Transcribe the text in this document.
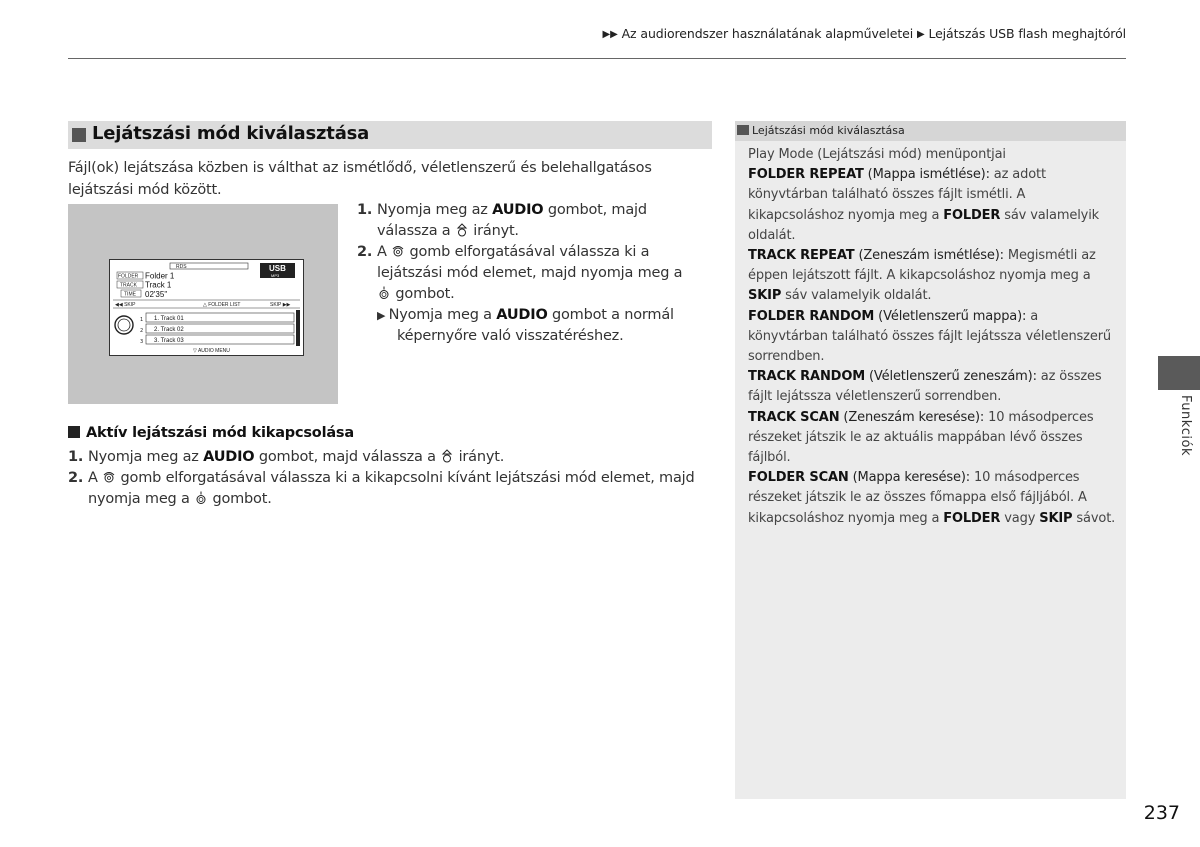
▶▶ Az audiorendszer használatának alapműveletei ▶ Lejátszás USB flash meghajtóról
Lejátszási mód kiválasztása
Fájl(ok) lejátszása közben is válthat az ismétlődő, véletlenszerű és belehallgatásos lejátszási mód között.
RDS	USB
MP3
FOLDER Folder 1
TRACK Track 1
TIME 02'35"
◀◀ SKIP	△ FOLDER LIST	SKIP ▶▶
1. Track 01
2. Track 02
3. Track 03
1
2
3
▽ AUDIO MENU
1. Nyomja meg az AUDIO gombot, majd
válassza a  irányt.
2. A  gomb elforgatásával válassza ki a
lejátszási mód elemet, majd nyomja meg a
gombot.
▶ Nyomja meg a AUDIO gombot a normál
képernyőre való visszatéréshez.
Aktív lejátszási mód kikapcsolása
1. Nyomja meg az AUDIO gombot, majd válassza a  irányt.
2. A  gomb elforgatásával válassza ki a kikapcsolni kívánt lejátszási mód elemet, majd
nyomja meg a  gombot.
Lejátszási mód kiválasztása
Play Mode (Lejátszási mód) menüpontjai
FOLDER REPEAT (Mappa ismétlése): az adott könyvtárban található összes fájlt ismétli. A kikapcsoláshoz nyomja meg a FOLDER sáv valamelyik oldalát.
TRACK REPEAT (Zeneszám ismétlése): Megismétli az éppen lejátszott fájlt. A kikapcsoláshoz nyomja meg a SKIP sáv valamelyik oldalát.
FOLDER RANDOM (Véletlenszerű mappa): a könyvtárban található összes fájlt lejátssza véletlenszerű sorrendben.
TRACK RANDOM (Véletlenszerű zeneszám): az összes fájlt lejátssza véletlenszerű sorrendben.
TRACK SCAN (Zeneszám keresése): 10 másodperces részeket játszik le az aktuális mappában lévő összes fájlból.
FOLDER SCAN (Mappa keresése): 10 másodperces részeket játszik le az összes főmappa első fájljából. A kikapcsoláshoz nyomja meg a FOLDER vagy SKIP sávot.
Funkciók
237
